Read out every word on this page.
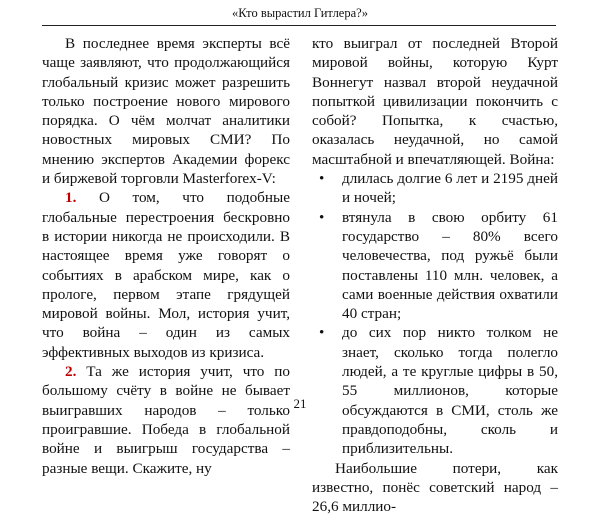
«Кто вырастил Гитлера?»

В последнее время эксперты всё чаще заявляют, что продолжающийся глобальный кризис может разрешить только построение нового мирового порядка. О чём молчат аналитики новостных мировых СМИ? По мнению экспертов Академии форекс и биржевой торговли Masterforex-V:

1. О том, что подобные глобальные перестроения бескровно в истории никогда не происходили. В настоящее время уже говорят о событиях в арабском мире, как о прологе, первом этапе грядущей мировой войны. Мол, история учит, что война – один из самых эффективных выходов из кризиса.

2. Та же история учит, что по большому счёту в войне не бывает выигравших народов – только проигравшие. Победа в глобальной войне и выигрыш государства – разные вещи. Скажите, ну

кто выиграл от последней Второй мировой войны, которую Курт Воннегут назвал второй неудачной попыткой цивилизации покончить с собой? Попытка, к счастью, оказалась неудачной, но самой масштабной и впечатляющей. Война:

• длилась долгие 6 лет и 2195 дней и ночей;
• втянула в свою орбиту 61 государство – 80% всего человечества, под ружьё были поставлены 110 млн. человек, а сами военные действия охватили 40 стран;
• до сих пор никто толком не знает, сколько тогда полегло людей, а те круглые цифры в 50, 55 миллионов, которые обсуждаются в СМИ, столь же правдоподобны, сколь и приблизительны.

Наибольшие потери, как известно, понёс советский народ – 26,6 миллио-

21
